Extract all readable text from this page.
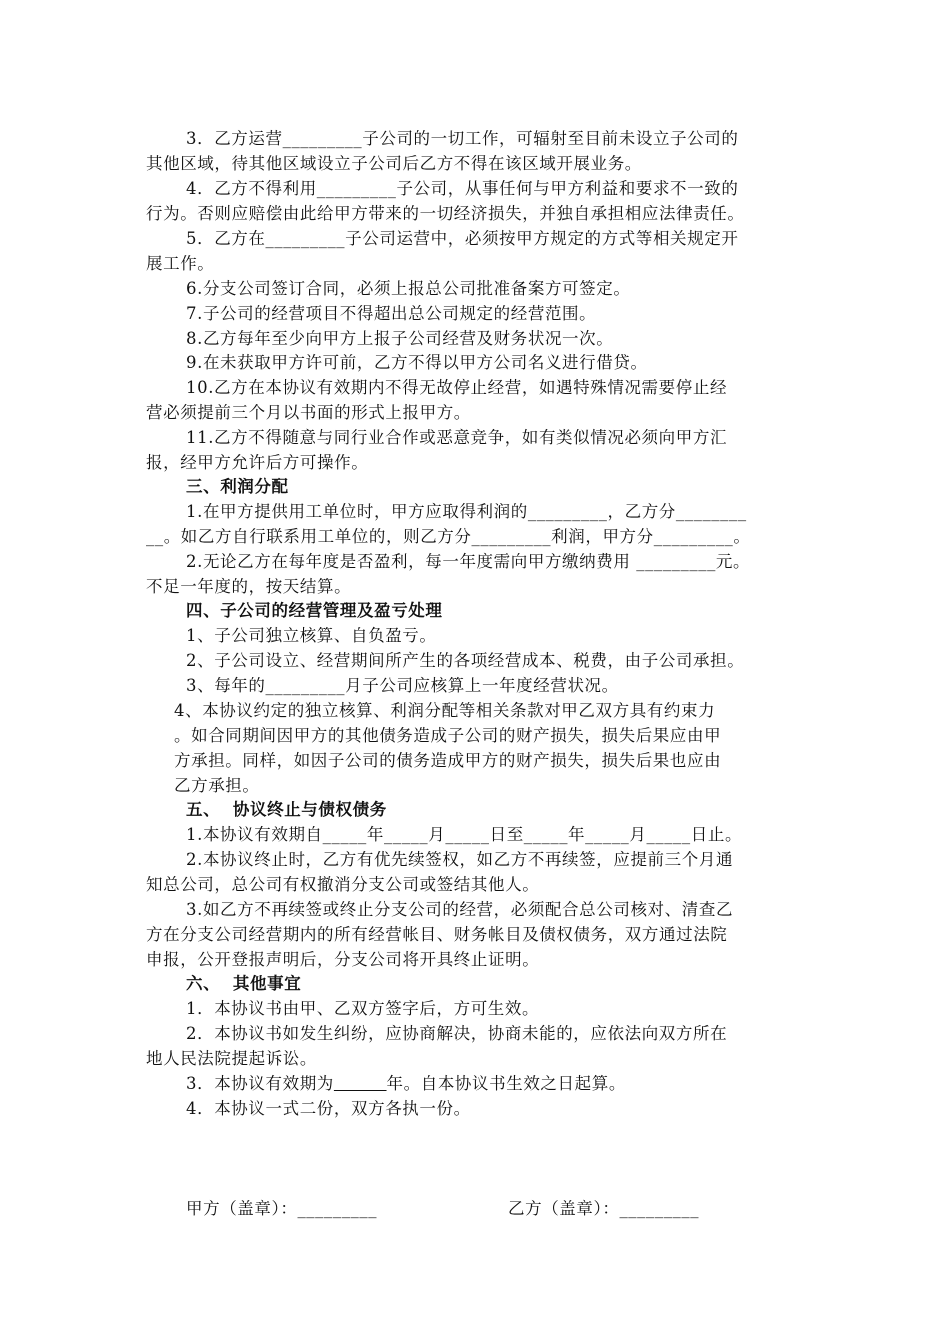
3．乙方运营_________子公司的一切工作，可辐射至目前未设立子公司的
其他区域，待其他区域设立子公司后乙方不得在该区域开展业务。
4．乙方不得利用_________子公司，从事任何与甲方利益和要求不一致的
行为。否则应赔偿由此给甲方带来的一切经济损失，并独自承担相应法律责任。
5．乙方在_________子公司运营中，必须按甲方规定的方式等相关规定开
展工作。
6.分支公司签订合同，必须上报总公司批准备案方可签定。
7.子公司的经营项目不得超出总公司规定的经营范围。
8.乙方每年至少向甲方上报子公司经营及财务状况一次。
9.在未获取甲方许可前，乙方不得以甲方公司名义进行借贷。
10.乙方在本协议有效期内不得无故停止经营，如遇特殊情况需要停止经
营必须提前三个月以书面的形式上报甲方。
11.乙方不得随意与同行业合作或恶意竞争，如有类似情况必须向甲方汇
报，经甲方允许后方可操作。
三、利润分配
1.在甲方提供用工单位时，甲方应取得利润的_________，乙方分________
__。如乙方自行联系用工单位的，则乙方分_________利润，甲方分_________。
2.无论乙方在每年度是否盈利，每一年度需向甲方缴纳费用 _________元。
不足一年度的，按天结算。
四、子公司的经营管理及盈亏处理
1、子公司独立核算、自负盈亏。
2、子公司设立、经营期间所产生的各项经营成本、税费，由子公司承担。
3、每年的_________月子公司应核算上一年度经营状况。
4、本协议约定的独立核算、利润分配等相关条款对甲乙双方具有约束力
。如合同期间因甲方的其他债务造成子公司的财产损失，损失后果应由甲
方承担。同样，如因子公司的债务造成甲方的财产损失，损失后果也应由
乙方承担。
五、  协议终止与债权债务
1.本协议有效期自_____年_____月_____日至_____年_____月_____日止。
2.本协议终止时，乙方有优先续签权，如乙方不再续签，应提前三个月通
知总公司，总公司有权撤消分支公司或签结其他人。
3.如乙方不再续签或终止分支公司的经营，必须配合总公司核对、清查乙
方在分支公司经营期内的所有经营帐目、财务帐目及债权债务，双方通过法院
申报，公开登报声明后，分支公司将开具终止证明。
六、  其他事宜
1．本协议书由甲、乙双方签字后，方可生效。
2．本协议书如发生纠纷，应协商解决，协商未能的，应依法向双方所在
地人民法院提起诉讼。
3．本协议有效期为	年。自本协议书生效之日起算。
4．本协议一式二份，双方各执一份。
甲方（盖章）：_________	乙方（盖章）：_________
